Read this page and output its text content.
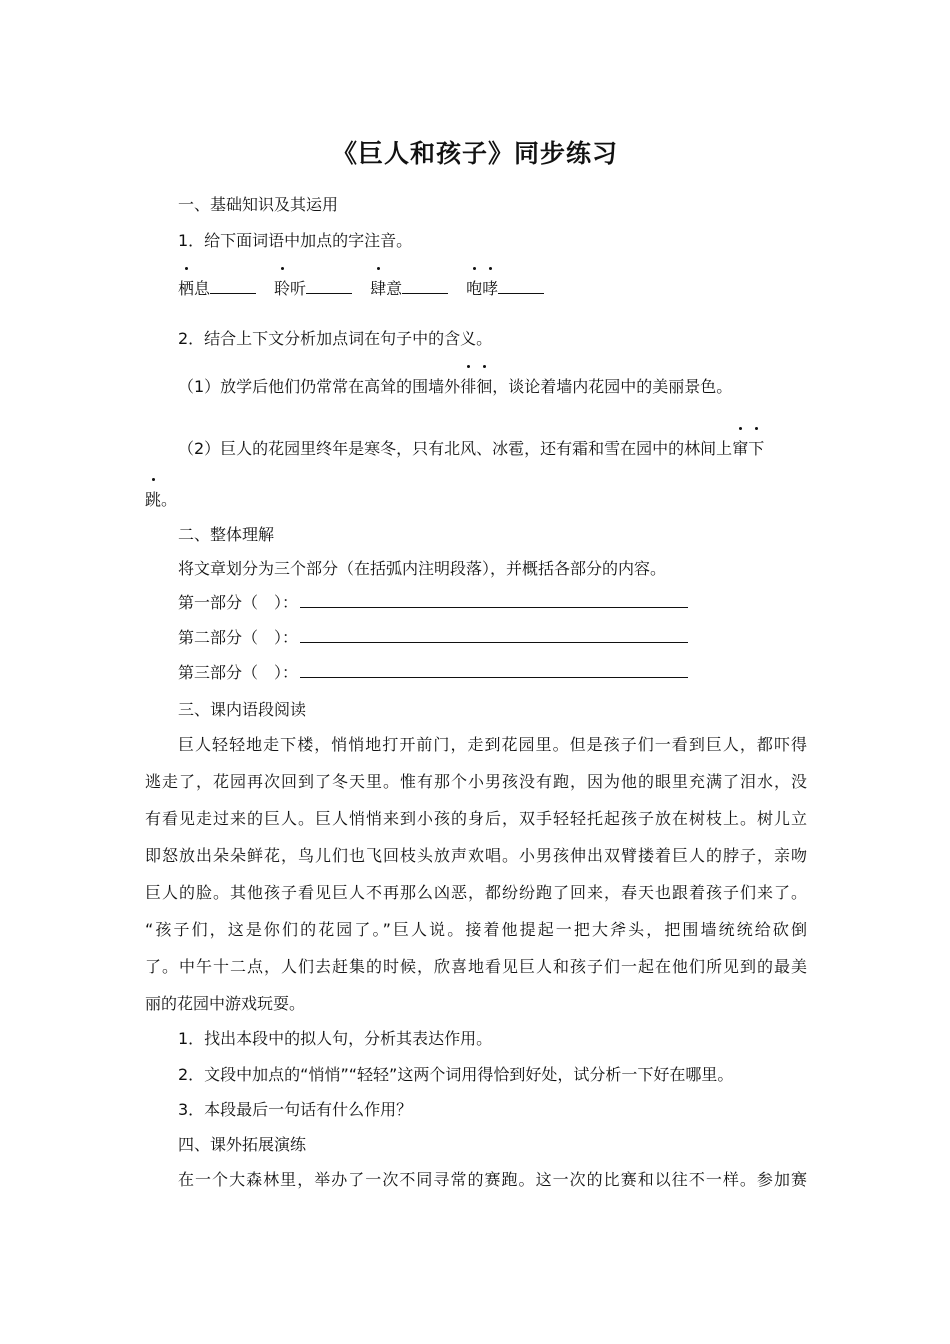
《巨人和孩子》同步练习
一、基础知识及其运用
1．给下面词语中加点的字注音。
栖息	聆听	肆意	咆哮
2．结合上下文分析加点词在句子中的含义。
（1）放学后他们仍常常在高耸的围墙外徘徊，谈论着墙内花园中的美丽景色。
（2）巨人的花园里终年是寒冬，只有北风、冰雹，还有霜和雪在园中的林间上窜下
跳。
二、整体理解
将文章划分为三个部分（在括弧内注明段落），并概括各部分的内容。
第一部分（　）：
第二部分（　）：
第三部分（　）：
三、课内语段阅读
巨人轻轻地走下楼，悄悄地打开前门，走到花园里。但是孩子们一看到巨人，都吓得
逃走了，花园再次回到了冬天里。惟有那个小男孩没有跑，因为他的眼里充满了泪水，没
有看见走过来的巨人。巨人悄悄来到小孩的身后，双手轻轻托起孩子放在树枝上。树儿立
即怒放出朵朵鲜花，鸟儿们也飞回枝头放声欢唱。小男孩伸出双臂搂着巨人的脖子，亲吻
巨人的脸。其他孩子看见巨人不再那么凶恶，都纷纷跑了回来，春天也跟着孩子们来了。
“孩子们，这是你们的花园了。”巨人说。接着他提起一把大斧头，把围墙统统给砍倒
了。中午十二点，人们去赶集的时候，欣喜地看见巨人和孩子们一起在他们所见到的最美
丽的花园中游戏玩耍。
1．找出本段中的拟人句，分析其表达作用。
2．文段中加点的“悄悄”“轻轻”这两个词用得恰到好处，试分析一下好在哪里。
3．本段最后一句话有什么作用？
四、课外拓展演练
在一个大森林里，举办了一次不同寻常的赛跑。这一次的比赛和以往不一样。参加赛
